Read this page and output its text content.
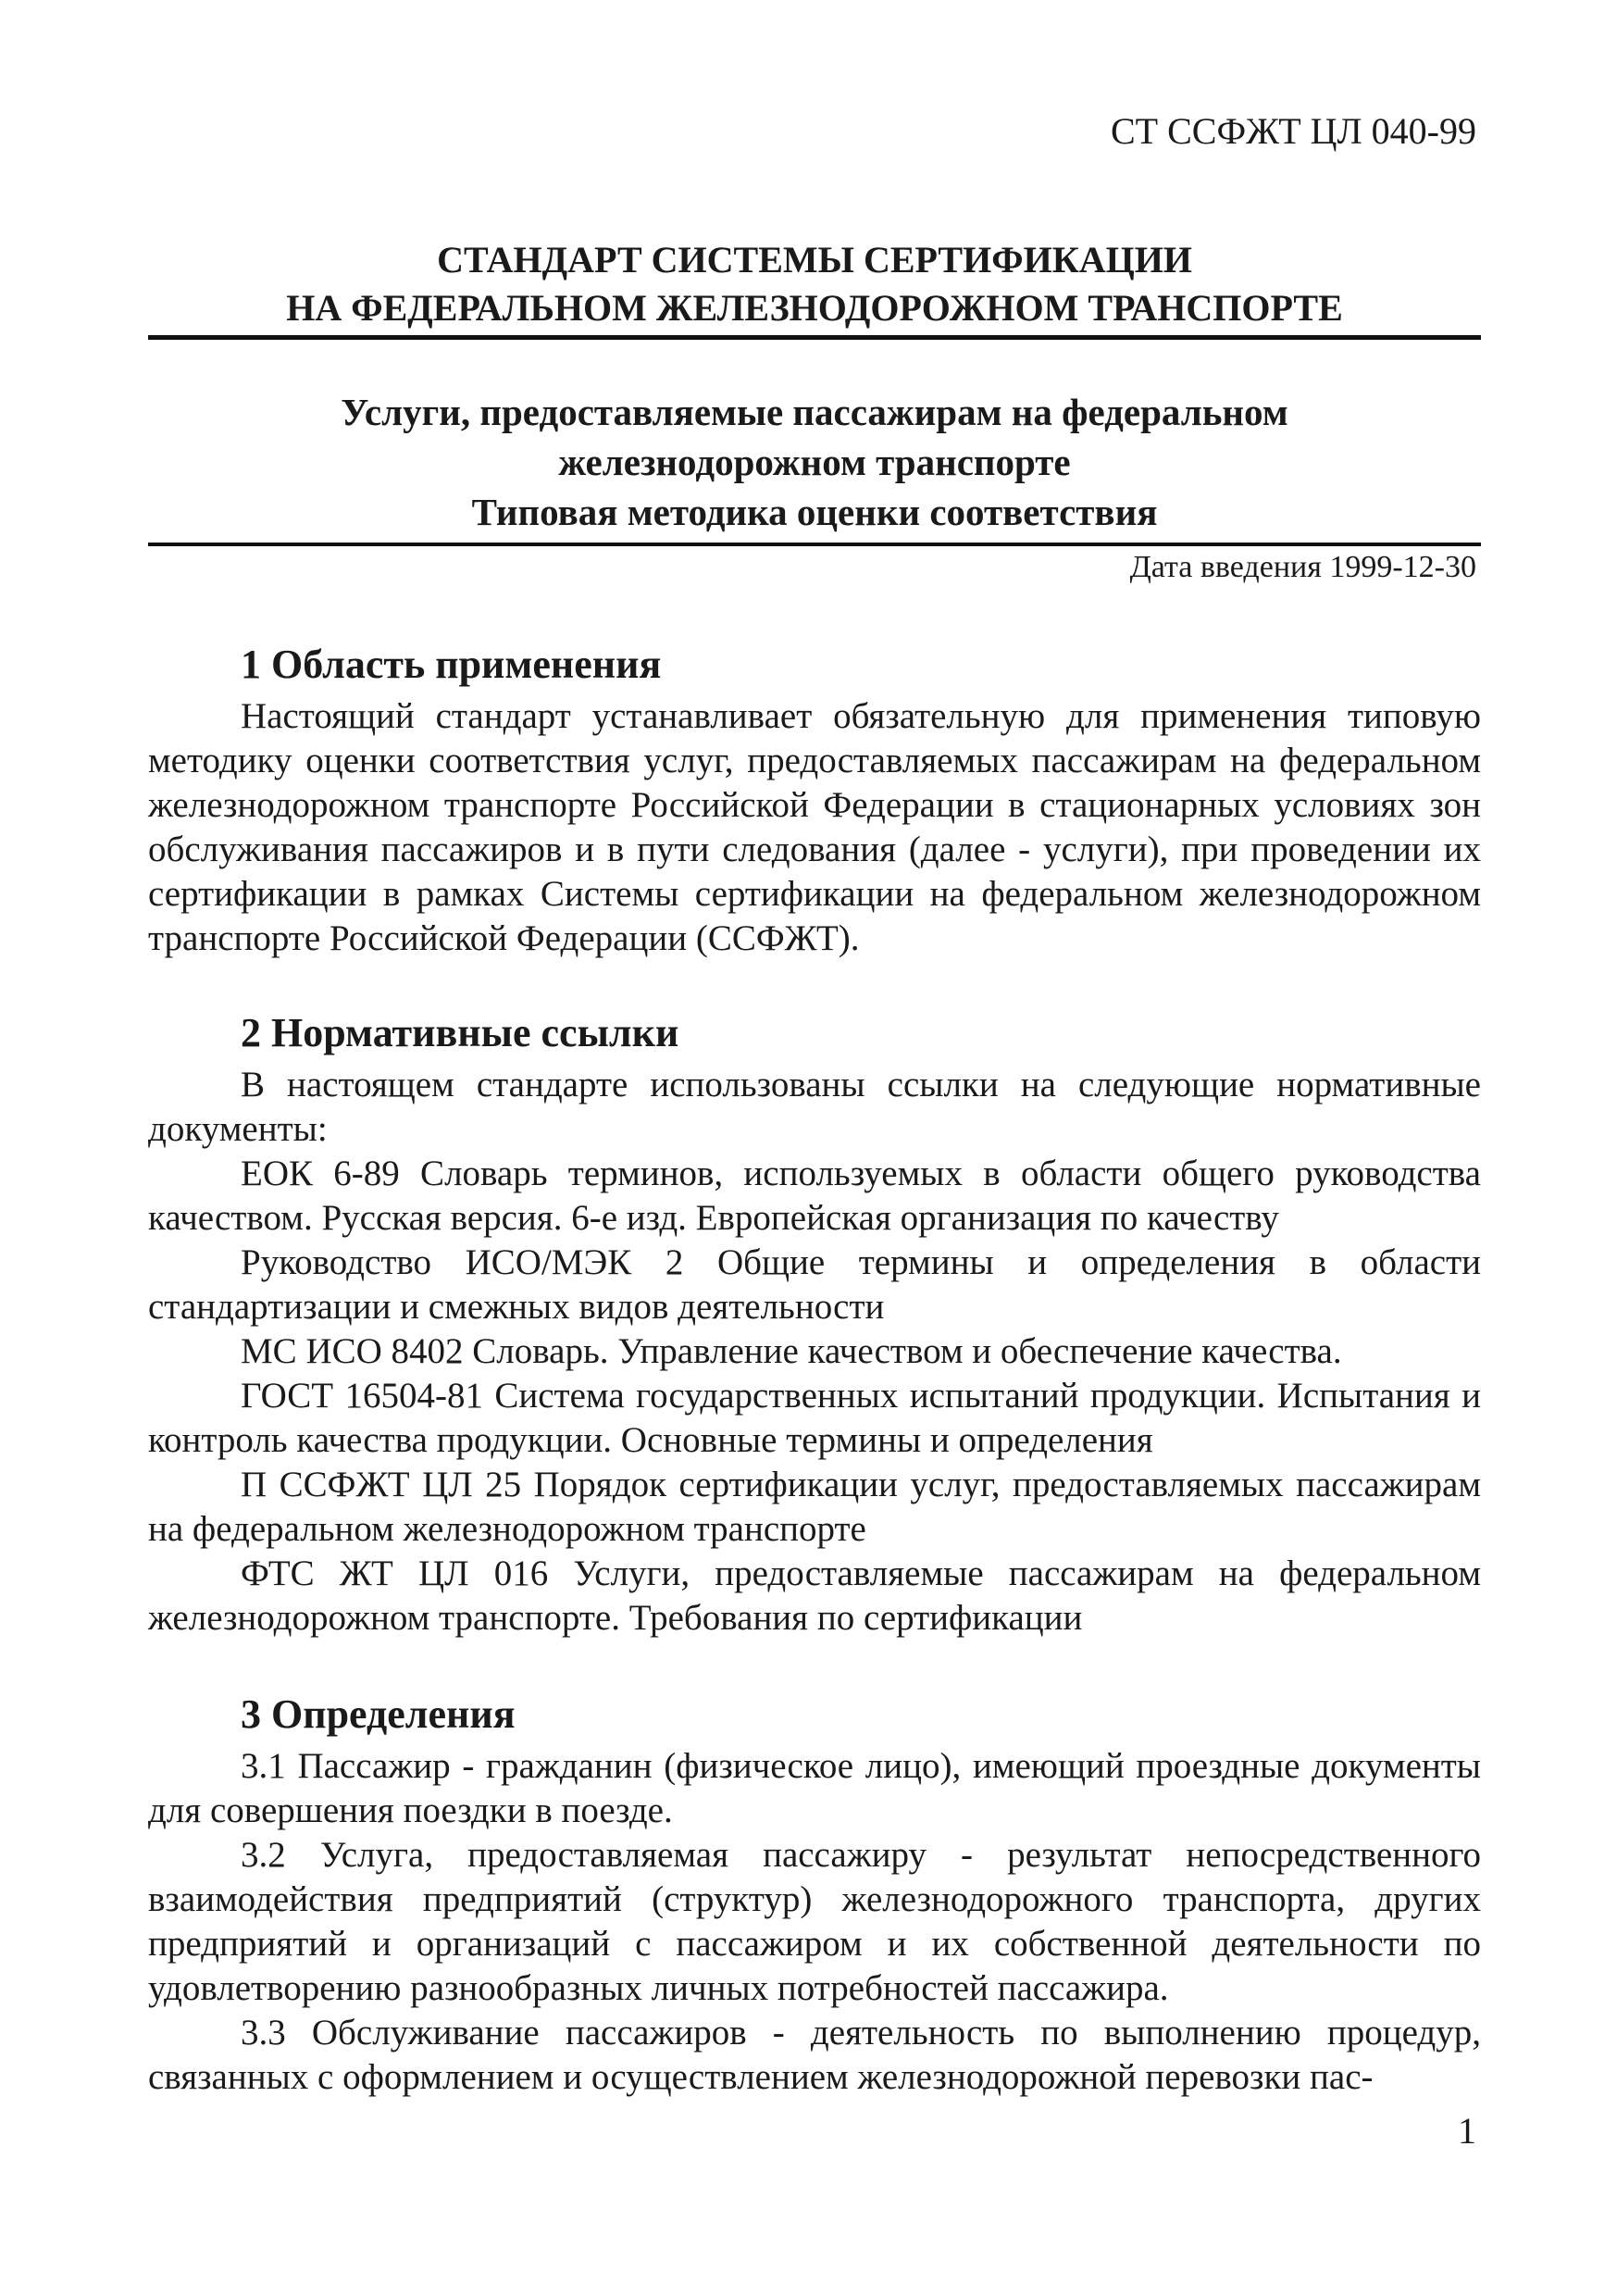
СТ ССФЖТ ЦЛ 040-99
СТАНДАРТ СИСТЕМЫ СЕРТИФИКАЦИИ
НА ФЕДЕРАЛЬНОМ ЖЕЛЕЗНОДОРОЖНОМ ТРАНСПОРТЕ
Услуги, предоставляемые пассажирам на федеральном
железнодорожном транспорте
Типовая методика оценки соответствия
Дата введения 1999-12-30
1 Область применения

Настоящий стандарт устанавливает обязательную для применения типовую методику оценки соответствия услуг, предоставляемых пассажирам на федеральном железнодорожном транспорте Российской Федерации в стационарных условиях зон обслуживания пассажиров и в пути следования (далее - услуги), при проведении их сертификации в рамках Системы сертификации на федеральном железнодорожном транспорте Российской Федерации (ССФЖТ).

2 Нормативные ссылки

В настоящем стандарте использованы ссылки на следующие нормативные документы:

ЕОК 6-89 Словарь терминов, используемых в области общего руководства качеством. Русская версия. 6-е изд. Европейская организация по качеству

Руководство ИСО/МЭК 2 Общие термины и определения в области стандартизации и смежных видов деятельности

МС ИСО 8402 Словарь. Управление качеством и обеспечение качества.

ГОСТ 16504-81 Система государственных испытаний продукции. Испытания и контроль качества продукции. Основные термины и определения

П ССФЖТ ЦЛ 25 Порядок сертификации услуг, предоставляемых пассажирам на федеральном железнодорожном транспорте

ФТС ЖТ ЦЛ 016 Услуги, предоставляемые пассажирам на федеральном железнодорожном транспорте. Требования по сертификации

3 Определения

3.1 Пассажир - гражданин (физическое лицо), имеющий проездные документы для совершения поездки в поезде.

3.2 Услуга, предоставляемая пассажиру - результат непосредственного взаимодействия предприятий (структур) железнодорожного транспорта, других предприятий и организаций с пассажиром и их собственной деятельности по удовлетворению разнообразных личных потребностей пассажира.

3.3 Обслуживание пассажиров - деятельность по выполнению процедур, связанных с оформлением и осуществлением железнодорожной перевозки пас-

1
